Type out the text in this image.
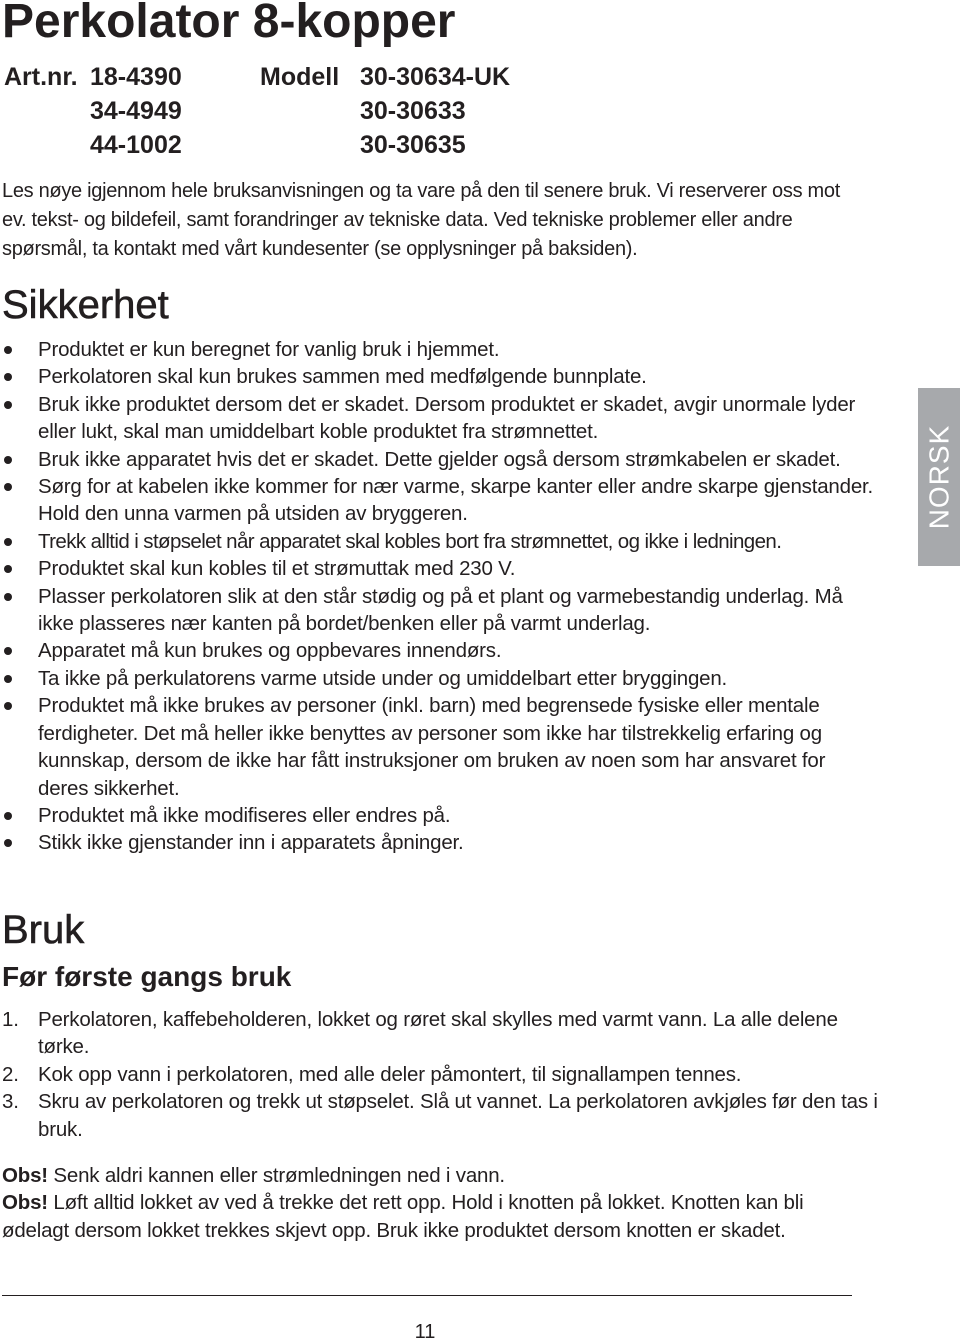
Perkolator 8-kopper
Art.nr. 18-4390	Modell 30-30634-UK
34-4949	30-30633
44-1002	30-30635

Les nøye igjennom hele bruksanvisningen og ta vare på den til senere bruk. Vi reserverer oss mot ev. tekst- og bildefeil, samt forandringer av tekniske data. Ved tekniske problemer eller andre spørsmål, ta kontakt med vårt kundesenter (se opplysninger på baksiden).

Sikkerhet
Produktet er kun beregnet for vanlig bruk i hjemmet.
Perkolatoren skal kun brukes sammen med medfølgende bunnplate.
Bruk ikke produktet dersom det er skadet. Dersom produktet er skadet, avgir unormale lyder eller lukt, skal man umiddelbart koble produktet fra strømnettet.
Bruk ikke apparatet hvis det er skadet. Dette gjelder også dersom strømkabelen er skadet.
Sørg for at kabelen ikke kommer for nær varme, skarpe kanter eller andre skarpe gjenstander. Hold den unna varmen på utsiden av bryggeren.
Trekk alltid i støpselet når apparatet skal kobles bort fra strømnettet, og ikke i ledningen.
Produktet skal kun kobles til et strømuttak med 230 V.
Plasser perkolatoren slik at den står stødig og på et plant og varmebestandig underlag. Må ikke plasseres nær kanten på bordet/benken eller på varmt underlag.
Apparatet må kun brukes og oppbevares innendørs.
Ta ikke på perkulatorens varme utside under og umiddelbart etter bryggingen.
Produktet må ikke brukes av personer (inkl. barn) med begrensede fysiske eller mentale ferdigheter. Det må heller ikke benyttes av personer som ikke har tilstrekkelig erfaring og kunnskap, dersom de ikke har fått instruksjoner om bruken av noen som har ansvaret for deres sikkerhet.
Produktet må ikke modifiseres eller endres på.
Stikk ikke gjenstander inn i apparatets åpninger.
Bruk
Før første gangs bruk
1. Perkolatoren, kaffebeholderen, lokket og røret skal skylles med varmt vann. La alle delene tørke.
2. Kok opp vann i perkolatoren, med alle deler påmontert, til signallampen tennes.
3. Skru av perkolatoren og trekk ut støpselet. Slå ut vannet. La perkolatoren avkjøles før den tas i bruk.

Obs! Senk aldri kannen eller strømledningen ned i vann.

Obs! Løft alltid lokket av ved å trekke det rett opp. Hold i knotten på lokket. Knotten kan bli ødelagt dersom lokket trekkes skjevt opp. Bruk ikke produktet dersom knotten er skadet.

11
NORSK
